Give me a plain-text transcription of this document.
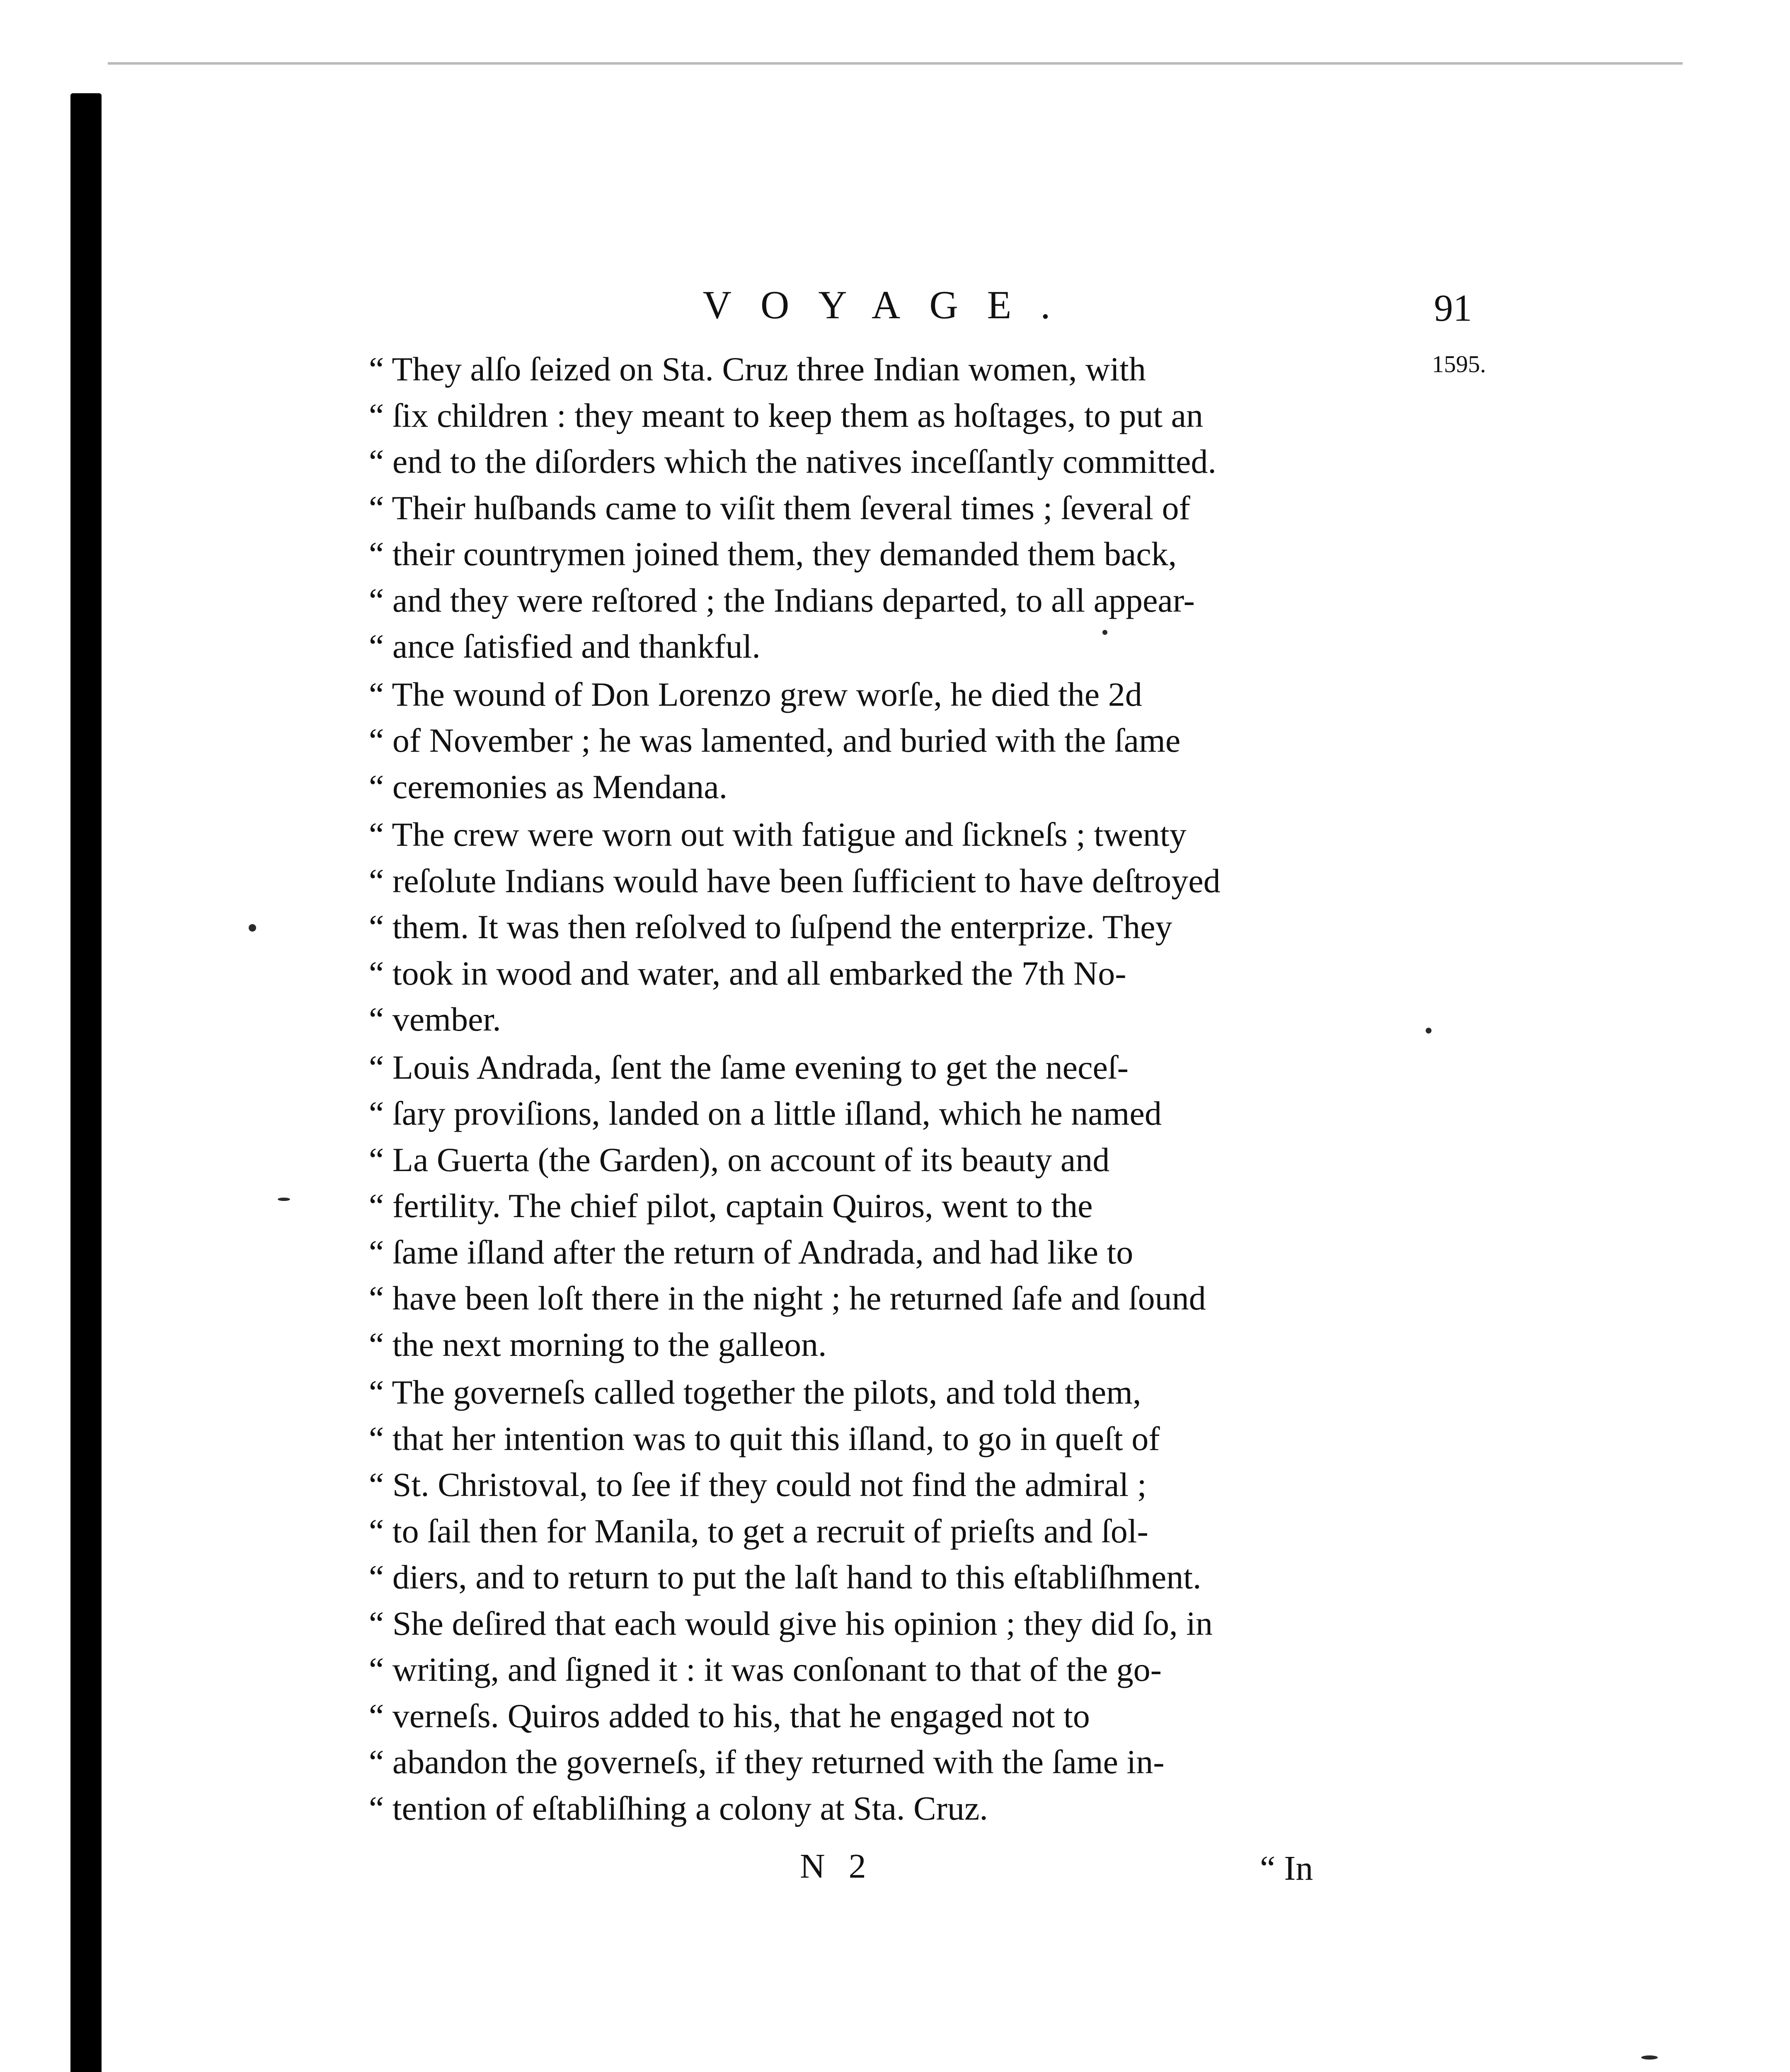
VOYAGE.	91
1595.
“ They alſo ſeized on Sta. Cruz three Indian women, with
“ ſix children : they meant to keep them as hoſtages, to put an
“ end to the diſorders which the natives inceſſantly committed.
“ Their huſbands came to viſit them ſeveral times ; ſeveral of
“ their countrymen joined them, they demanded them back,
“ and they were reſtored ; the Indians departed, to all appear-
“ ance ſatisfied and thankful.
“ The wound of Don Lorenzo grew worſe, he died the 2d
“ of November ; he was lamented, and buried with the ſame
“ ceremonies as Mendana.
“ The crew were worn out with fatigue and ſickneſs ; twenty
“ reſolute Indians would have been ſufficient to have deſtroyed
“ them. It was then reſolved to ſuſpend the enterprize. They
“ took in wood and water, and all embarked the 7th No-
“ vember.
“ Louis Andrada, ſent the ſame evening to get the neceſ-
“ ſary proviſions, landed on a little iſland, which he named
“ La Guerta (the Garden), on account of its beauty and
“ fertility. The chief pilot, captain Quiros, went to the
“ ſame iſland after the return of Andrada, and had like to
“ have been loſt there in the night ; he returned ſafe and ſound
“ the next morning to the galleon.
“ The governeſs called together the pilots, and told them,
“ that her intention was to quit this iſland, to go in queſt of
“ St. Christoval, to ſee if they could not find the admiral ;
“ to ſail then for Manila, to get a recruit of prieſts and ſol-
“ diers, and to return to put the laſt hand to this eſtabliſhment.
“ She deſired that each would give his opinion ; they did ſo, in
“ writing, and ſigned it : it was conſonant to that of the go-
“ verneſs. Quiros added to his, that he engaged not to
“ abandon the governeſs, if they returned with the ſame in-
“ tention of eſtabliſhing a colony at Sta. Cruz.
N 2	“ In
